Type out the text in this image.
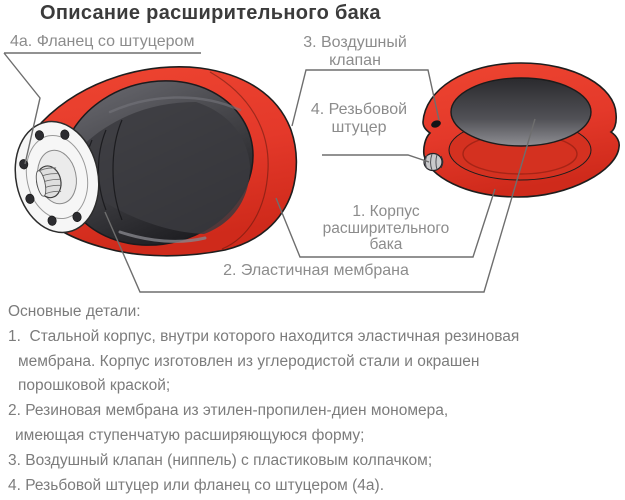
Описание расширительного бака
4а. Фланец со штуцером	3. Воздушный клапан
4. Резьбовой штуцер
1. Корпус расширительного бака
2. Эластичная мембрана
Основные детали:
1.  Стальной корпус, внутри которого находится эластичная резиновая
мембрана. Корпус изготовлен из углеродистой стали и окрашен
порошковой краской;
2. Резиновая мембрана из этилен-пропилен-диен мономера,
имеющая ступенчатую расширяющуюся форму;
3. Воздушный клапан (ниппель) с пластиковым колпачком;
4. Резьбовой штуцер или фланец со штуцером (4а).
